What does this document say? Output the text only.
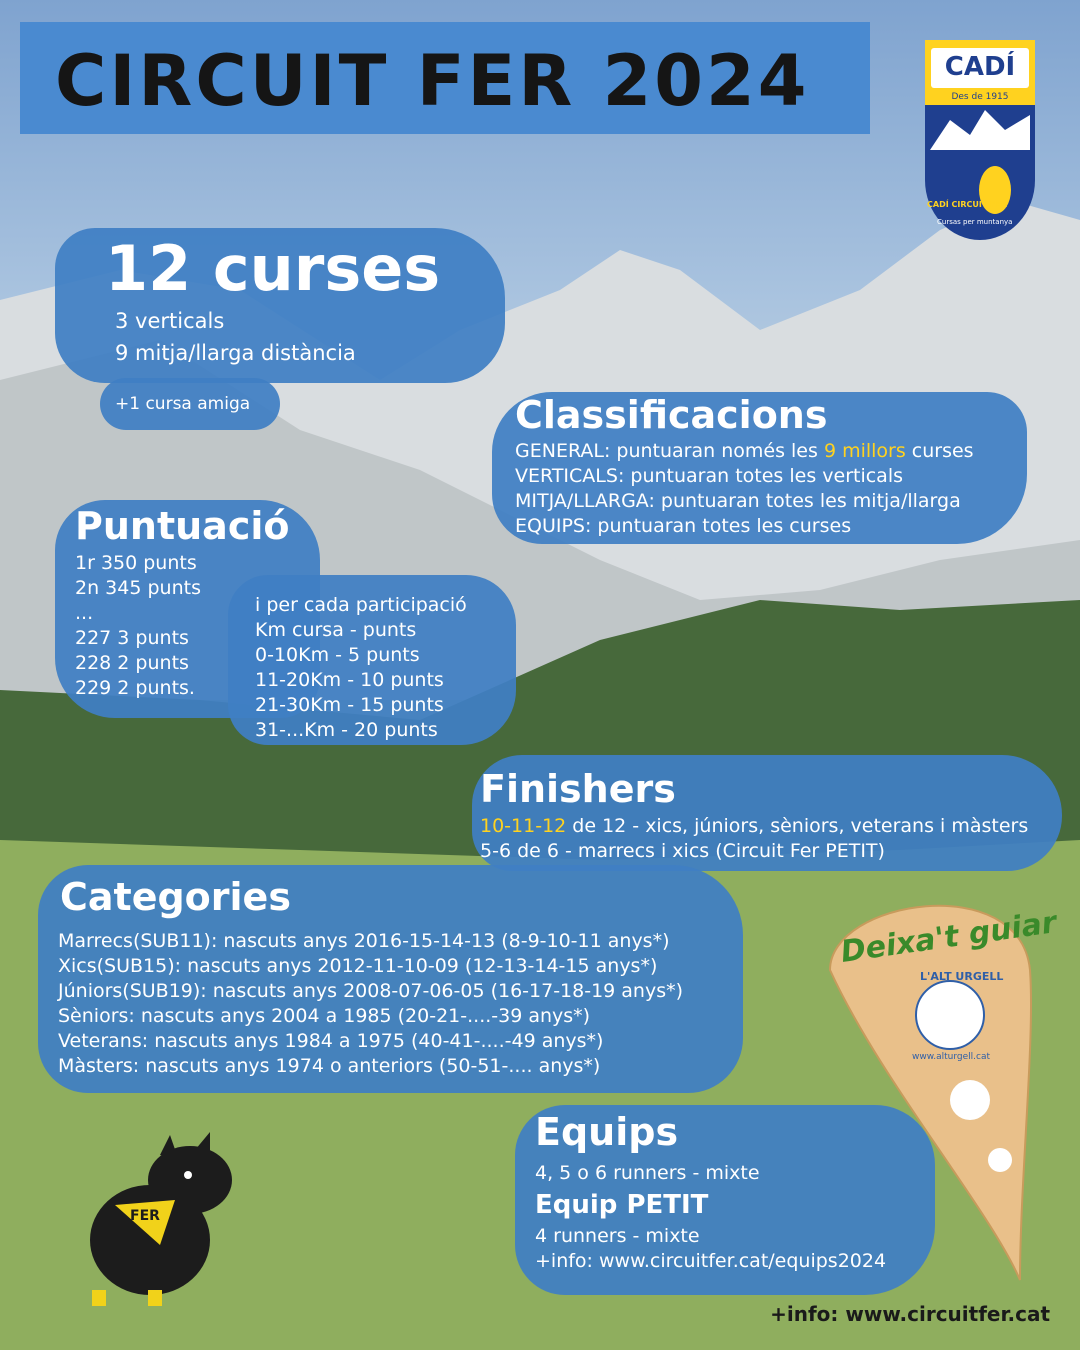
CIRCUIT FER 2024	CADÍ
Des de 1915
CADÍ CIRCUIT FER
Cursas per muntanya
12 curses
3 verticals
9 mitja/llarga distància
+1 cursa amiga	Classificacions
GENERAL: puntuaran només les 9 millors curses
VERTICALS: puntuaran totes les verticals
MITJA/LLARGA: puntuaran totes les mitja/llarga
EQUIPS: puntuaran totes les curses
Puntuació
1r 350 punts
2n 345 punts
...
227 3 punts
228 2 punts
229 2 punts.
i per cada participació
Km cursa - punts
0-10Km - 5 punts
11-20Km - 10 punts
21-30Km - 15 punts
31-...Km - 20 punts
Finishers
10-11-12 de 12 - xics, júniors, sèniors, veterans i màsters
5-6 de 6 - marrecs i xics (Circuit Fer PETIT)
Categories
Marrecs(SUB11): nascuts anys 2016-15-14-13 (8-9-10-11 anys*)
Xics(SUB15): nascuts anys 2012-11-10-09 (12-13-14-15 anys*)
Júniors(SUB19): nascuts anys 2008-07-06-05 (16-17-18-19 anys*)
Sèniors: nascuts anys 2004 a 1985 (20-21-....-39 anys*)
Veterans: nascuts anys 1984 a 1975 (40-41-....-49 anys*)
Màsters: nascuts anys 1974 o anteriors (50-51-.... anys*)
Equips
4, 5 o 6 runners - mixte
Equip PETIT
4 runners - mixte
+info: www.circuitfer.cat/equips2024
Deixa't guiar
L'ALT URGELL
www.alturgell.cat
FER
+info: www.circuitfer.cat
